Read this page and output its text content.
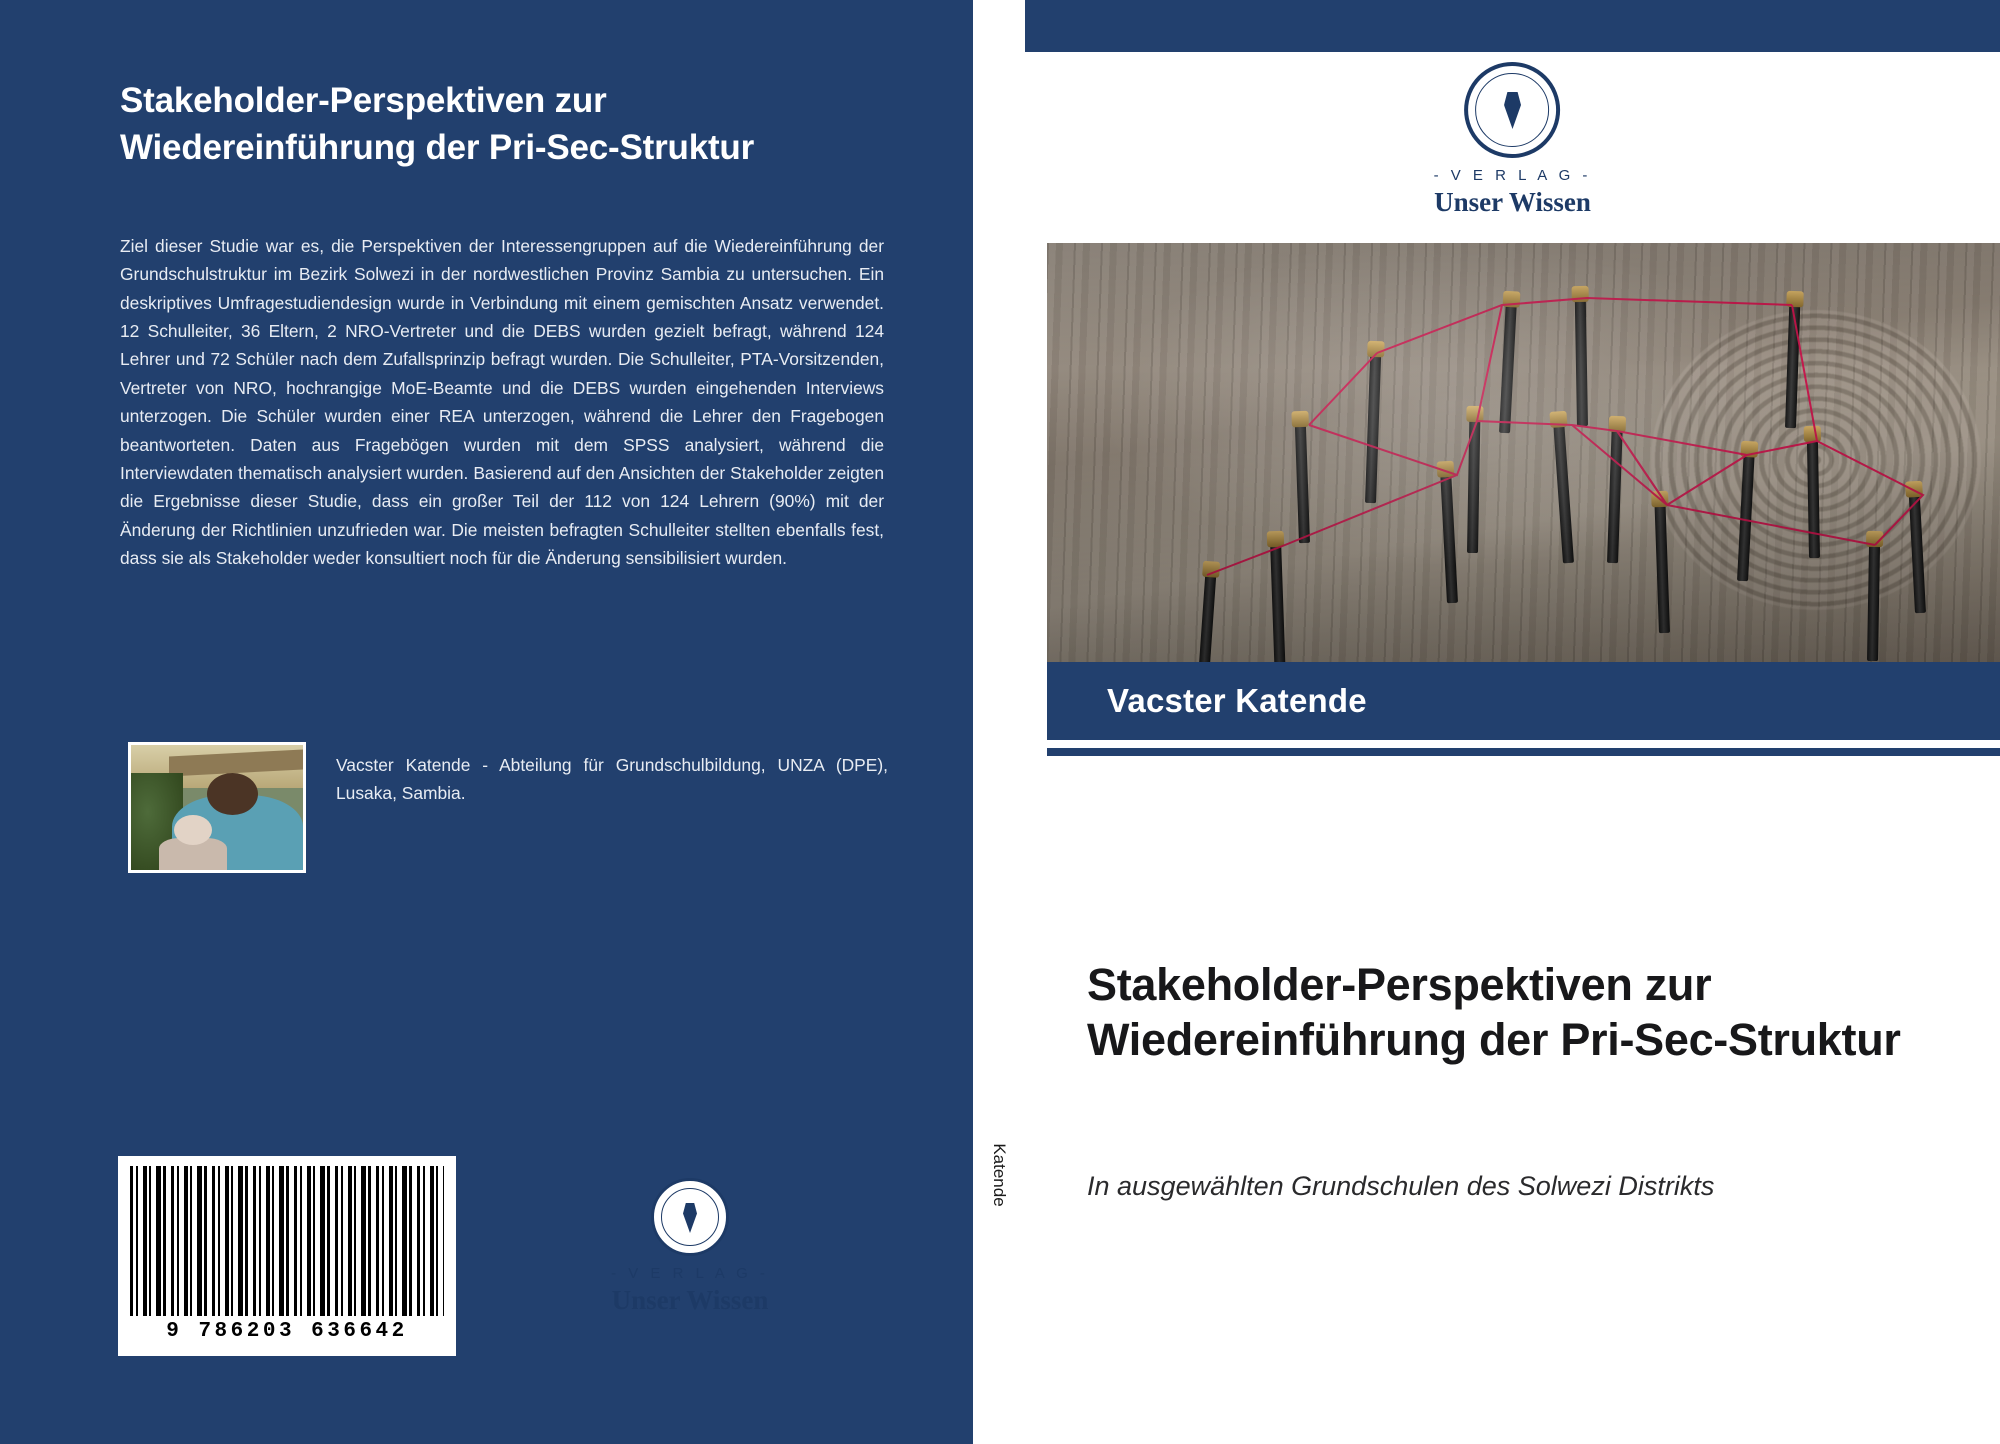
Stakeholder-Perspektiven zur Wiedereinführung der Pri-Sec-Struktur
Ziel dieser Studie war es, die Perspektiven der Interessengruppen auf die Wiedereinführung der Grundschulstruktur im Bezirk Solwezi in der nordwestlichen Provinz Sambia zu untersuchen. Ein deskriptives Umfragestudiendesign wurde in Verbindung mit einem gemischten Ansatz verwendet. 12 Schulleiter, 36 Eltern, 2 NRO-Vertreter und die DEBS wurden gezielt befragt, während 124 Lehrer und 72 Schüler nach dem Zufallsprinzip befragt wurden. Die Schulleiter, PTA-Vorsitzenden, Vertreter von NRO, hochrangige MoE-Beamte und die DEBS wurden eingehenden Interviews unterzogen. Die Schüler wurden einer REA unterzogen, während die Lehrer den Fragebogen beantworteten. Daten aus Fragebögen wurden mit dem SPSS analysiert, während die Interviewdaten thematisch analysiert wurden. Basierend auf den Ansichten der Stakeholder zeigten die Ergebnisse dieser Studie, dass ein großer Teil der 112 von 124 Lehrern (90%) mit der Änderung der Richtlinien unzufrieden war. Die meisten befragten Schulleiter stellten ebenfalls fest, dass sie als Stakeholder weder konsultiert noch für die Änderung sensibilisiert wurden.
Vacster Katende - Abteilung für Grundschulbildung, UNZA (DPE), Lusaka, Sambia.
9 786203 636642
- V E R L A G -
Unser Wissen
Katende
- V E R L A G -
Unser Wissen
Vacster Katende
Stakeholder-Perspektiven zur Wiedereinführung der Pri-Sec-Struktur
In ausgewählten Grundschulen des Solwezi Distrikts
